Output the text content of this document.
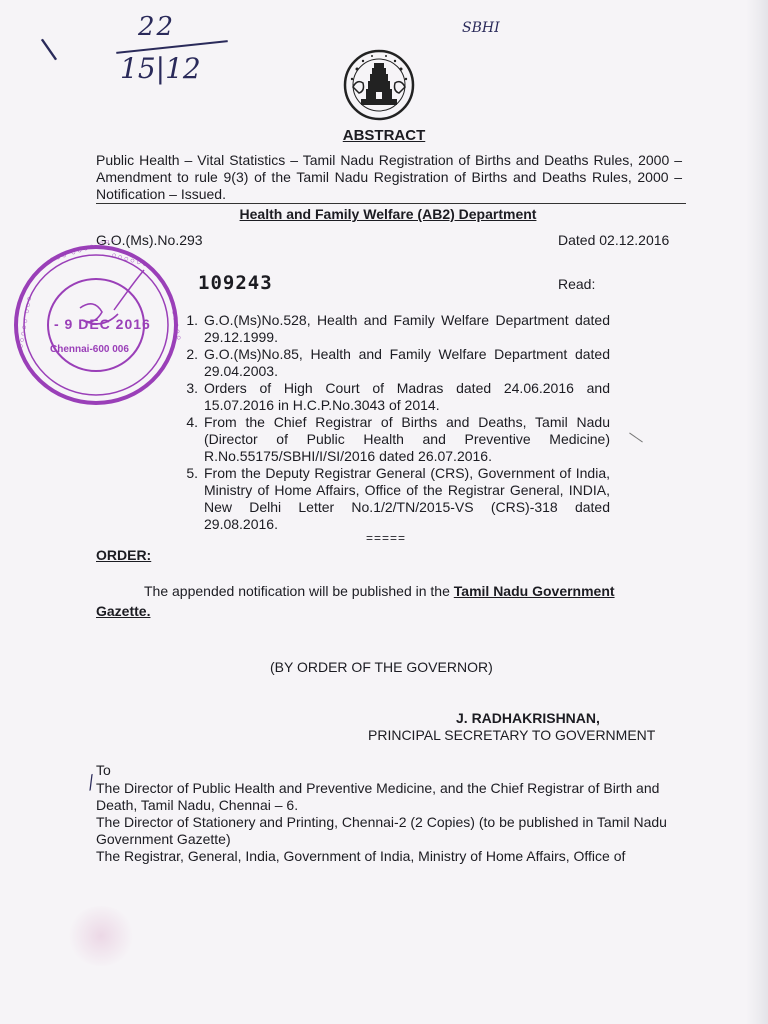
\
22
15|12
SBHI
ABSTRACT
Public Health – Vital Statistics – Tamil Nadu Registration of Births and Deaths Rules, 2000 – Amendment to rule 9(3) of the Tamil Nadu Registration of Births and Deaths Rules, 2000 – Notification – Issued.
Health and Family Welfare (AB2) Department
G.O.(Ms).No.293	Dated 02.12.2016
109243	Read:
1. G.O.(Ms)No.528, Health and Family Welfare Department dated 29.12.1999.
2. G.O.(Ms)No.85, Health and Family Welfare Department dated 29.04.2003.
3. Orders of High Court of Madras dated 24.06.2016 and 15.07.2016 in H.C.P.No.3043 of 2014.
4. From the Chief Registrar of Births and Deaths, Tamil Nadu (Director of Public Health and Preventive Medicine) R.No.55175/SBHI/I/SI/2016 dated 26.07.2016.
5. From the Deputy Registrar General (CRS), Government of India, Ministry of Home Affairs, Office of the Registrar General, INDIA, New Delhi Letter No.1/2/TN/2015-VS (CRS)-318 dated 29.08.2016.
=====
ORDER:
The appended notification will be published in the Tamil Nadu Government Gazette.
(BY ORDER OF THE GOVERNOR)
J. RADHAKRISHNAN,
PRINCIPAL SECRETARY TO GOVERNMENT
To
/
The Director of Public Health and Preventive Medicine, and the Chief Registrar of Birth and Death, Tamil Nadu, Chennai – 6.
The Director of Stationery and Printing, Chennai-2 (2 Copies) (to be published in Tamil Nadu Government Gazette)
The Registrar, General, India, Government of India, Ministry of Home Affairs, Office of
◦◦◦ ◦◦◦◦ ◦◦◦◦
◦◦◦◦◦◦
◦◦◦◦◦ ◦◦◦	◦◦◦◦◦
- 9 DEC 2016
Chennai-600 006
